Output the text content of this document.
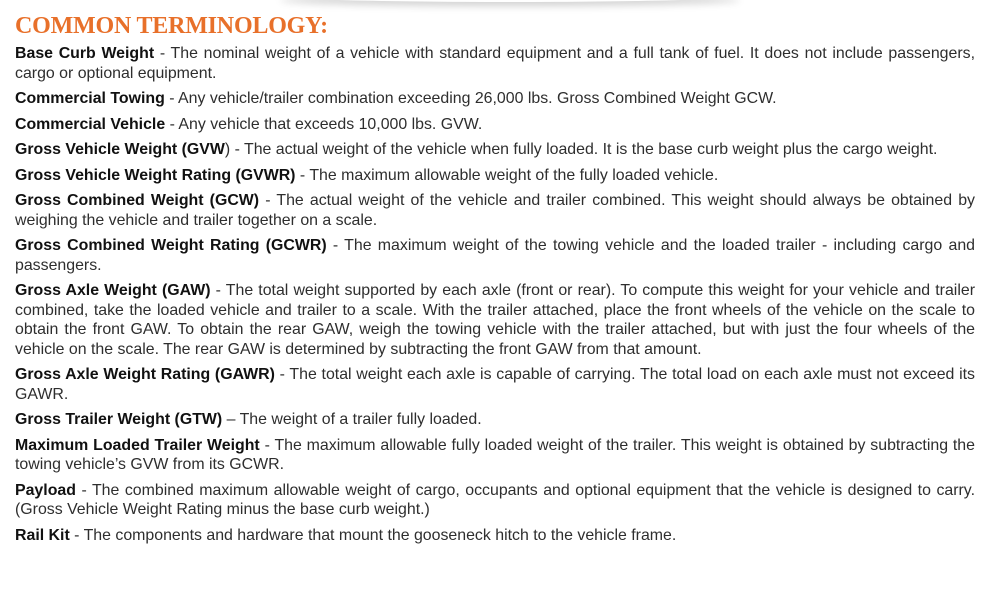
COMMON TERMINOLOGY:

Base Curb Weight - The nominal weight of a vehicle with standard equipment and a full tank of fuel. It does not include passengers, cargo or optional equipment.

Commercial Towing - Any vehicle/trailer combination exceeding 26,000 lbs. Gross Combined Weight GCW.

Commercial Vehicle - Any vehicle that exceeds 10,000 lbs. GVW.

Gross Vehicle Weight (GVW) - The actual weight of the vehicle when fully loaded. It is the base curb weight plus the cargo weight.

Gross Vehicle Weight Rating (GVWR) - The maximum allowable weight of the fully loaded vehicle.

Gross Combined Weight (GCW) - The actual weight of the vehicle and trailer combined. This weight should always be obtained by weighing the vehicle and trailer together on a scale.

Gross Combined Weight Rating (GCWR) - The maximum weight of the towing vehicle and the loaded trailer - including cargo and passengers.

Gross Axle Weight (GAW) - The total weight supported by each axle (front or rear). To compute this weight for your vehicle and trailer combined, take the loaded vehicle and trailer to a scale. With the trailer attached, place the front wheels of the vehicle on the scale to obtain the front GAW. To obtain the rear GAW, weigh the towing vehicle with the trailer attached, but with just the four wheels of the vehicle on the scale. The rear GAW is determined by subtracting the front GAW from that amount.

Gross Axle Weight Rating (GAWR) - The total weight each axle is capable of carrying. The total load on each axle must not exceed its GAWR.

Gross Trailer Weight (GTW) – The weight of a trailer fully loaded.

Maximum Loaded Trailer Weight - The maximum allowable fully loaded weight of the trailer. This weight is obtained by subtracting the towing vehicle’s GVW from its GCWR.

Payload - The combined maximum allowable weight of cargo, occupants and optional equipment that the vehicle is designed to carry. (Gross Vehicle Weight Rating minus the base curb weight.)

Rail Kit - The components and hardware that mount the gooseneck hitch to the vehicle frame.
